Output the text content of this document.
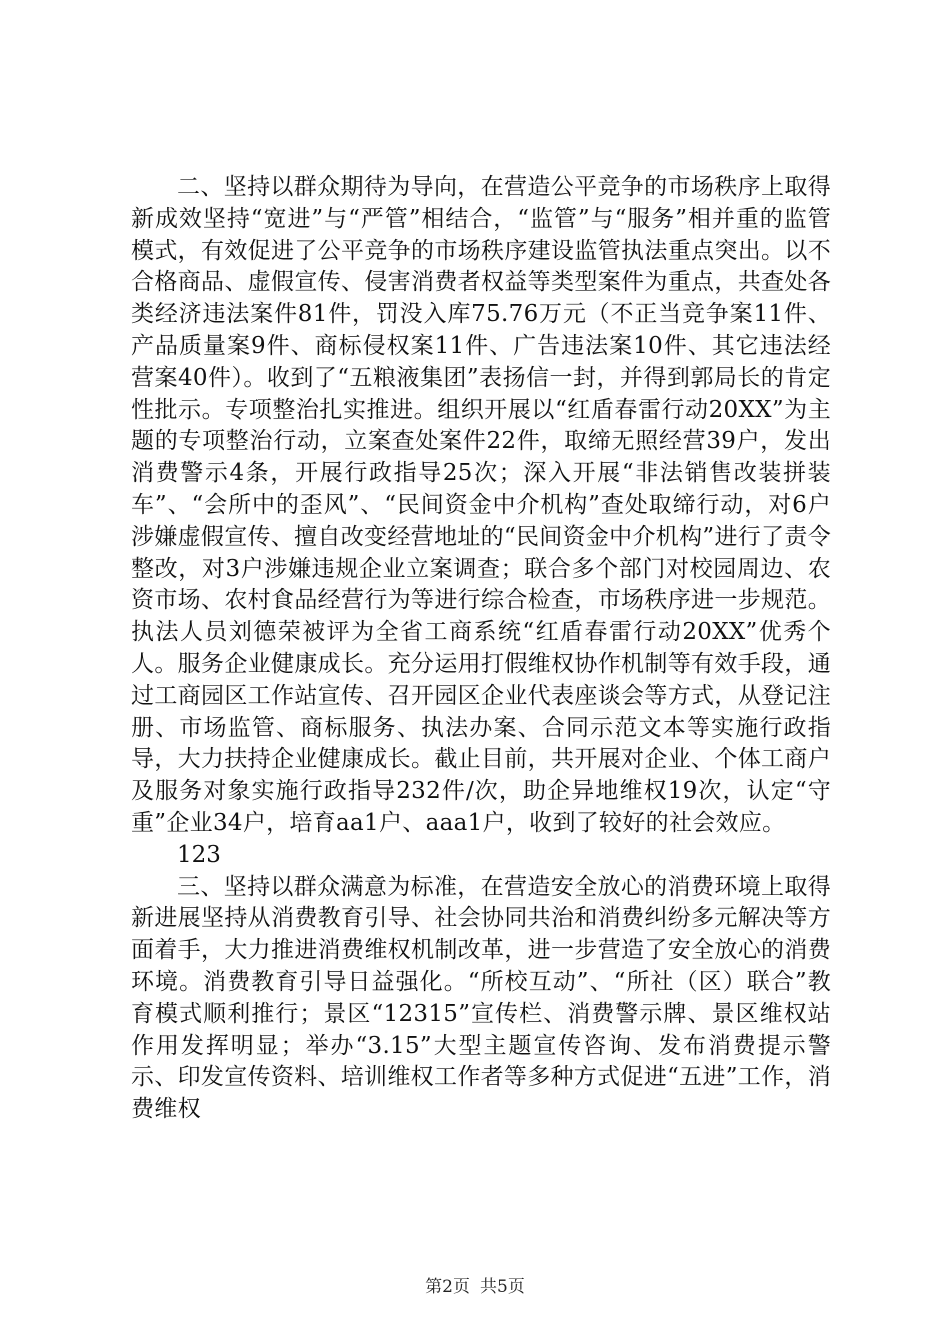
二、坚持以群众期待为导向，在营造公平竞争的市场秩序上取得新成效坚持“宽进”与“严管”相结合，“监管”与“服务”相并重的监管模式，有效促进了公平竞争的市场秩序建设监管执法重点突出。以不合格商品、虚假宣传、侵害消费者权益等类型案件为重点，共查处各类经济违法案件81件，罚没入库75.76万元（不正当竞争案11件、产品质量案9件、商标侵权案11件、广告违法案10件、其它违法经营案40件）。收到了“五粮液集团”表扬信一封，并得到郭局长的肯定性批示。专项整治扎实推进。组织开展以“红盾春雷行动20XX”为主题的专项整治行动，立案查处案件22件，取缔无照经营39户，发出消费警示4条，开展行政指导25次；深入开展“非法销售改装拼装车”、“会所中的歪风”、“民间资金中介机构”查处取缔行动，对6户涉嫌虚假宣传、擅自改变经营地址的“民间资金中介机构”进行了责令整改，对3户涉嫌违规企业立案调查；联合多个部门对校园周边、农资市场、农村食品经营行为等进行综合检查，市场秩序进一步规范。执法人员刘德荣被评为全省工商系统“红盾春雷行动20XX”优秀个人。服务企业健康成长。充分运用打假维权协作机制等有效手段，通过工商园区工作站宣传、召开园区企业代表座谈会等方式，从登记注册、市场监管、商标服务、执法办案、合同示范文本等实施行政指导，大力扶持企业健康成长。截止目前，共开展对企业、个体工商户及服务对象实施行政指导232件/次，助企异地维权19次，认定“守重”企业34户，培育aa1户、aaa1户，收到了较好的社会效应。

123

三、坚持以群众满意为标准，在营造安全放心的消费环境上取得新进展坚持从消费教育引导、社会协同共治和消费纠纷多元解决等方面着手，大力推进消费维权机制改革，进一步营造了安全放心的消费环境。消费教育引导日益强化。“所校互动”、“所社（区）联合”教育模式顺利推行；景区“12315”宣传栏、消费警示牌、景区维权站作用发挥明显；举办“3.15”大型主题宣传咨询、发布消费提示警示、印发宣传资料、培训维权工作者等多种方式促进“五进”工作，消费维权

第2页 共5页
